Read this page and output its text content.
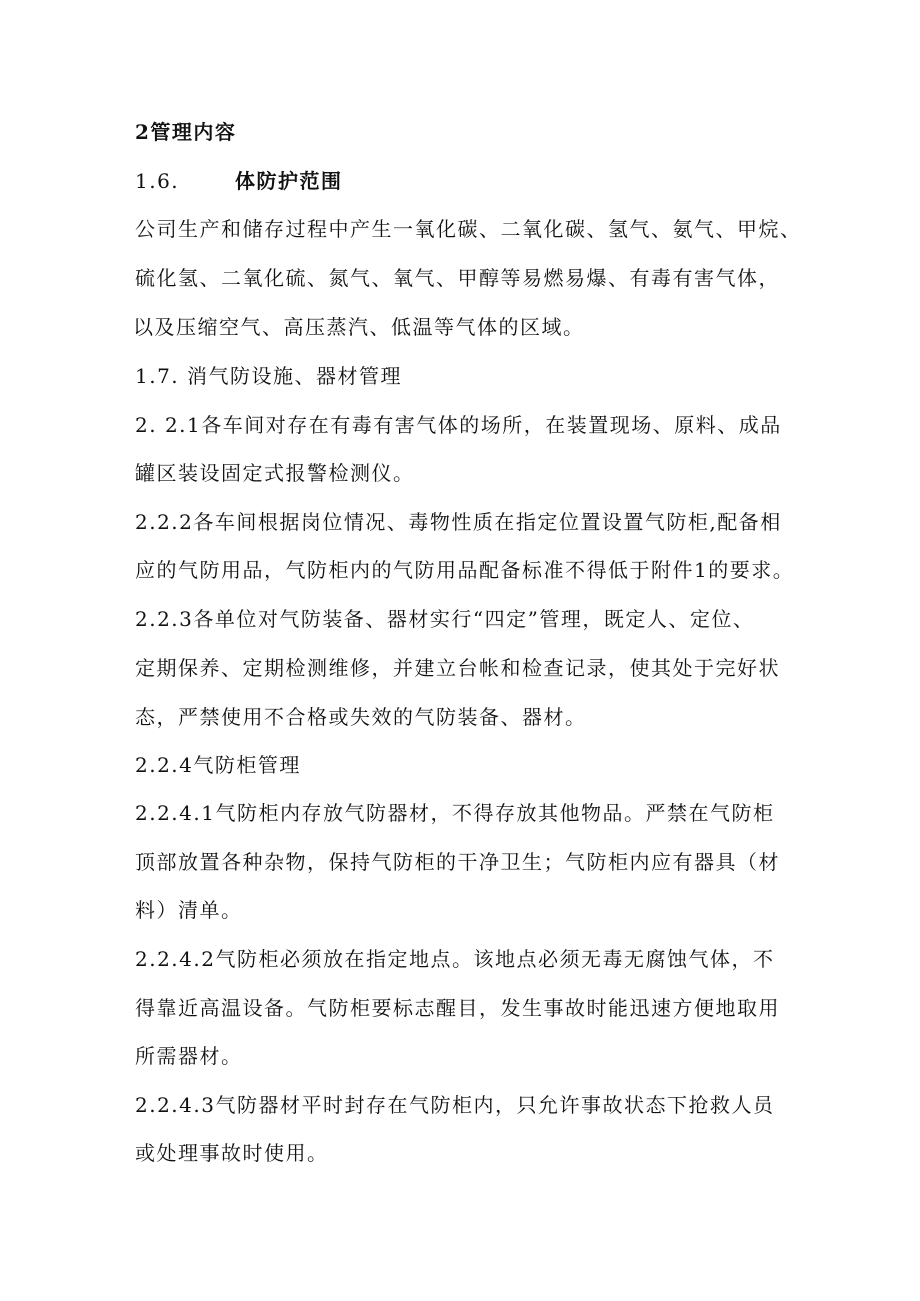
2管理内容
1.6.	体防护范围
公司生产和储存过程中产生一氧化碳、二氧化碳、氢气、氨气、甲烷、
硫化氢、二氧化硫、氮气、氧气、甲醇等易燃易爆、有毒有害气体，
以及压缩空气、高压蒸汽、低温等气体的区域。
1.7. 消气防设施、器材管理
2. 2.1各车间对存在有毒有害气体的场所，在装置现场、原料、成品
罐区装设固定式报警检测仪。
2.2.2各车间根据岗位情况、毒物性质在指定位置设置气防柜,配备相
应的气防用品，气防柜内的气防用品配备标准不得低于附件1的要求。
2.2.3各单位对气防装备、器材实行“四定”管理，既定人、定位、
定期保养、定期检测维修，并建立台帐和检查记录，使其处于完好状
态，严禁使用不合格或失效的气防装备、器材。
2.2.4气防柜管理
2.2.4.1气防柜内存放气防器材，不得存放其他物品。严禁在气防柜
顶部放置各种杂物，保持气防柜的干净卫生；气防柜内应有器具（材
料）清单。
2.2.4.2气防柜必须放在指定地点。该地点必须无毒无腐蚀气体，不
得靠近高温设备。气防柜要标志醒目，发生事故时能迅速方便地取用
所需器材。
2.2.4.3气防器材平时封存在气防柜内，只允许事故状态下抢救人员
或处理事故时使用。
